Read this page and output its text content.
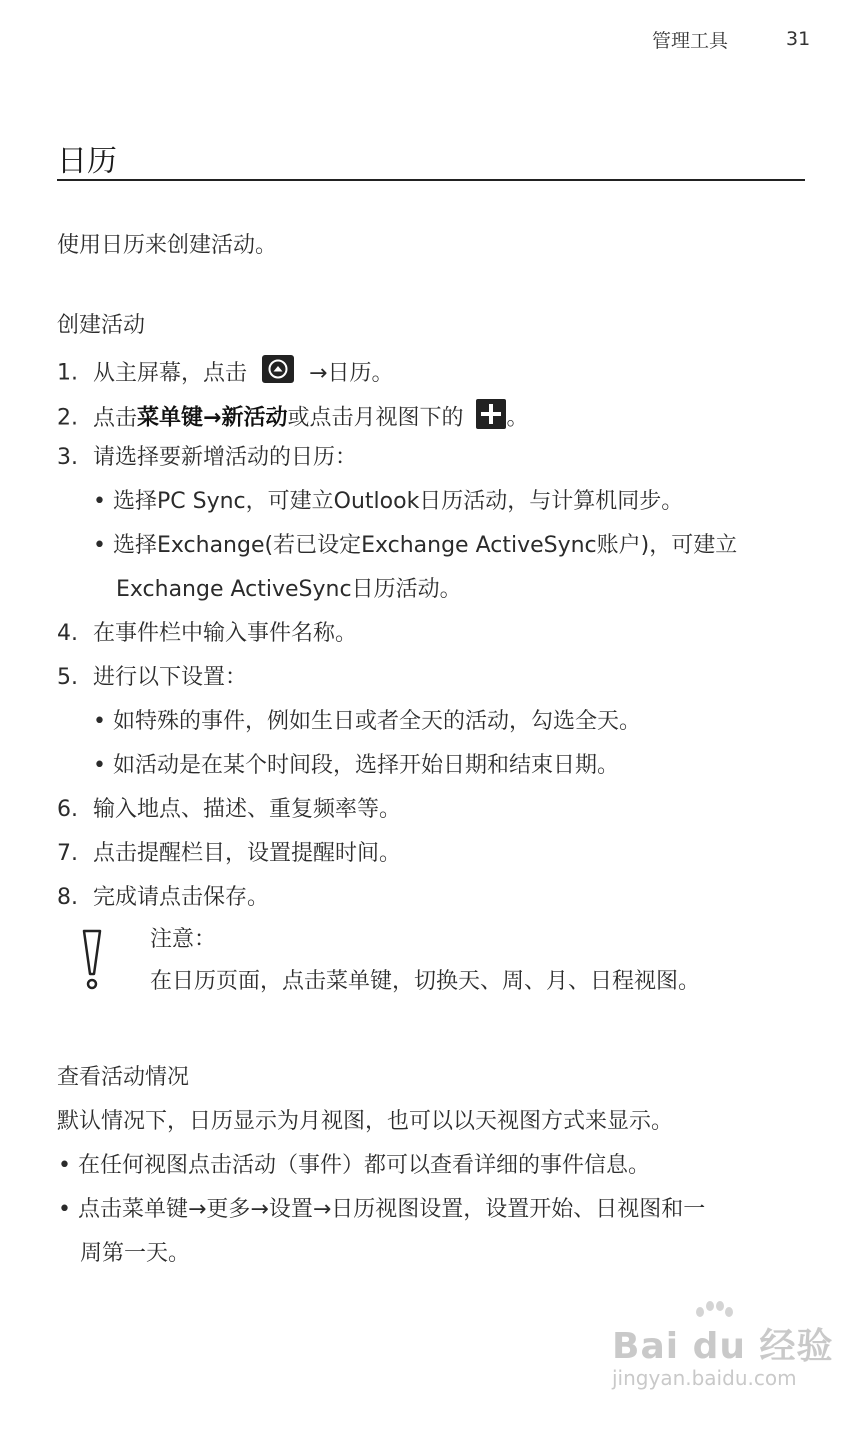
管理工具	31
日历
使用日历来创建活动。
创建活动
1. 从主屏幕，点击	→日历。
2. 点击菜单键→新活动或点击月视图下的 。
3. 请选择要新增活动的日历：
• 选择PC Sync，可建立Outlook日历活动，与计算机同步。
• 选择Exchange(若已设定Exchange ActiveSync账户)，可建立
Exchange ActiveSync日历活动。
4. 在事件栏中输入事件名称。
5. 进行以下设置：
• 如特殊的事件，例如生日或者全天的活动，勾选全天。
• 如活动是在某个时间段，选择开始日期和结束日期。
6. 输入地点、描述、重复频率等。
7. 点击提醒栏目，设置提醒时间。
8. 完成请点击保存。
注意：
在日历页面，点击菜单键，切换天、周、月、日程视图。
查看活动情况
默认情况下，日历显示为月视图，也可以以天视图方式来显示。
• 在任何视图点击活动（事件）都可以查看详细的事件信息。
• 点击菜单键→更多→设置→日历视图设置，设置开始、日视图和一
周第一天。
Bai du 经验
jingyan.baidu.com
